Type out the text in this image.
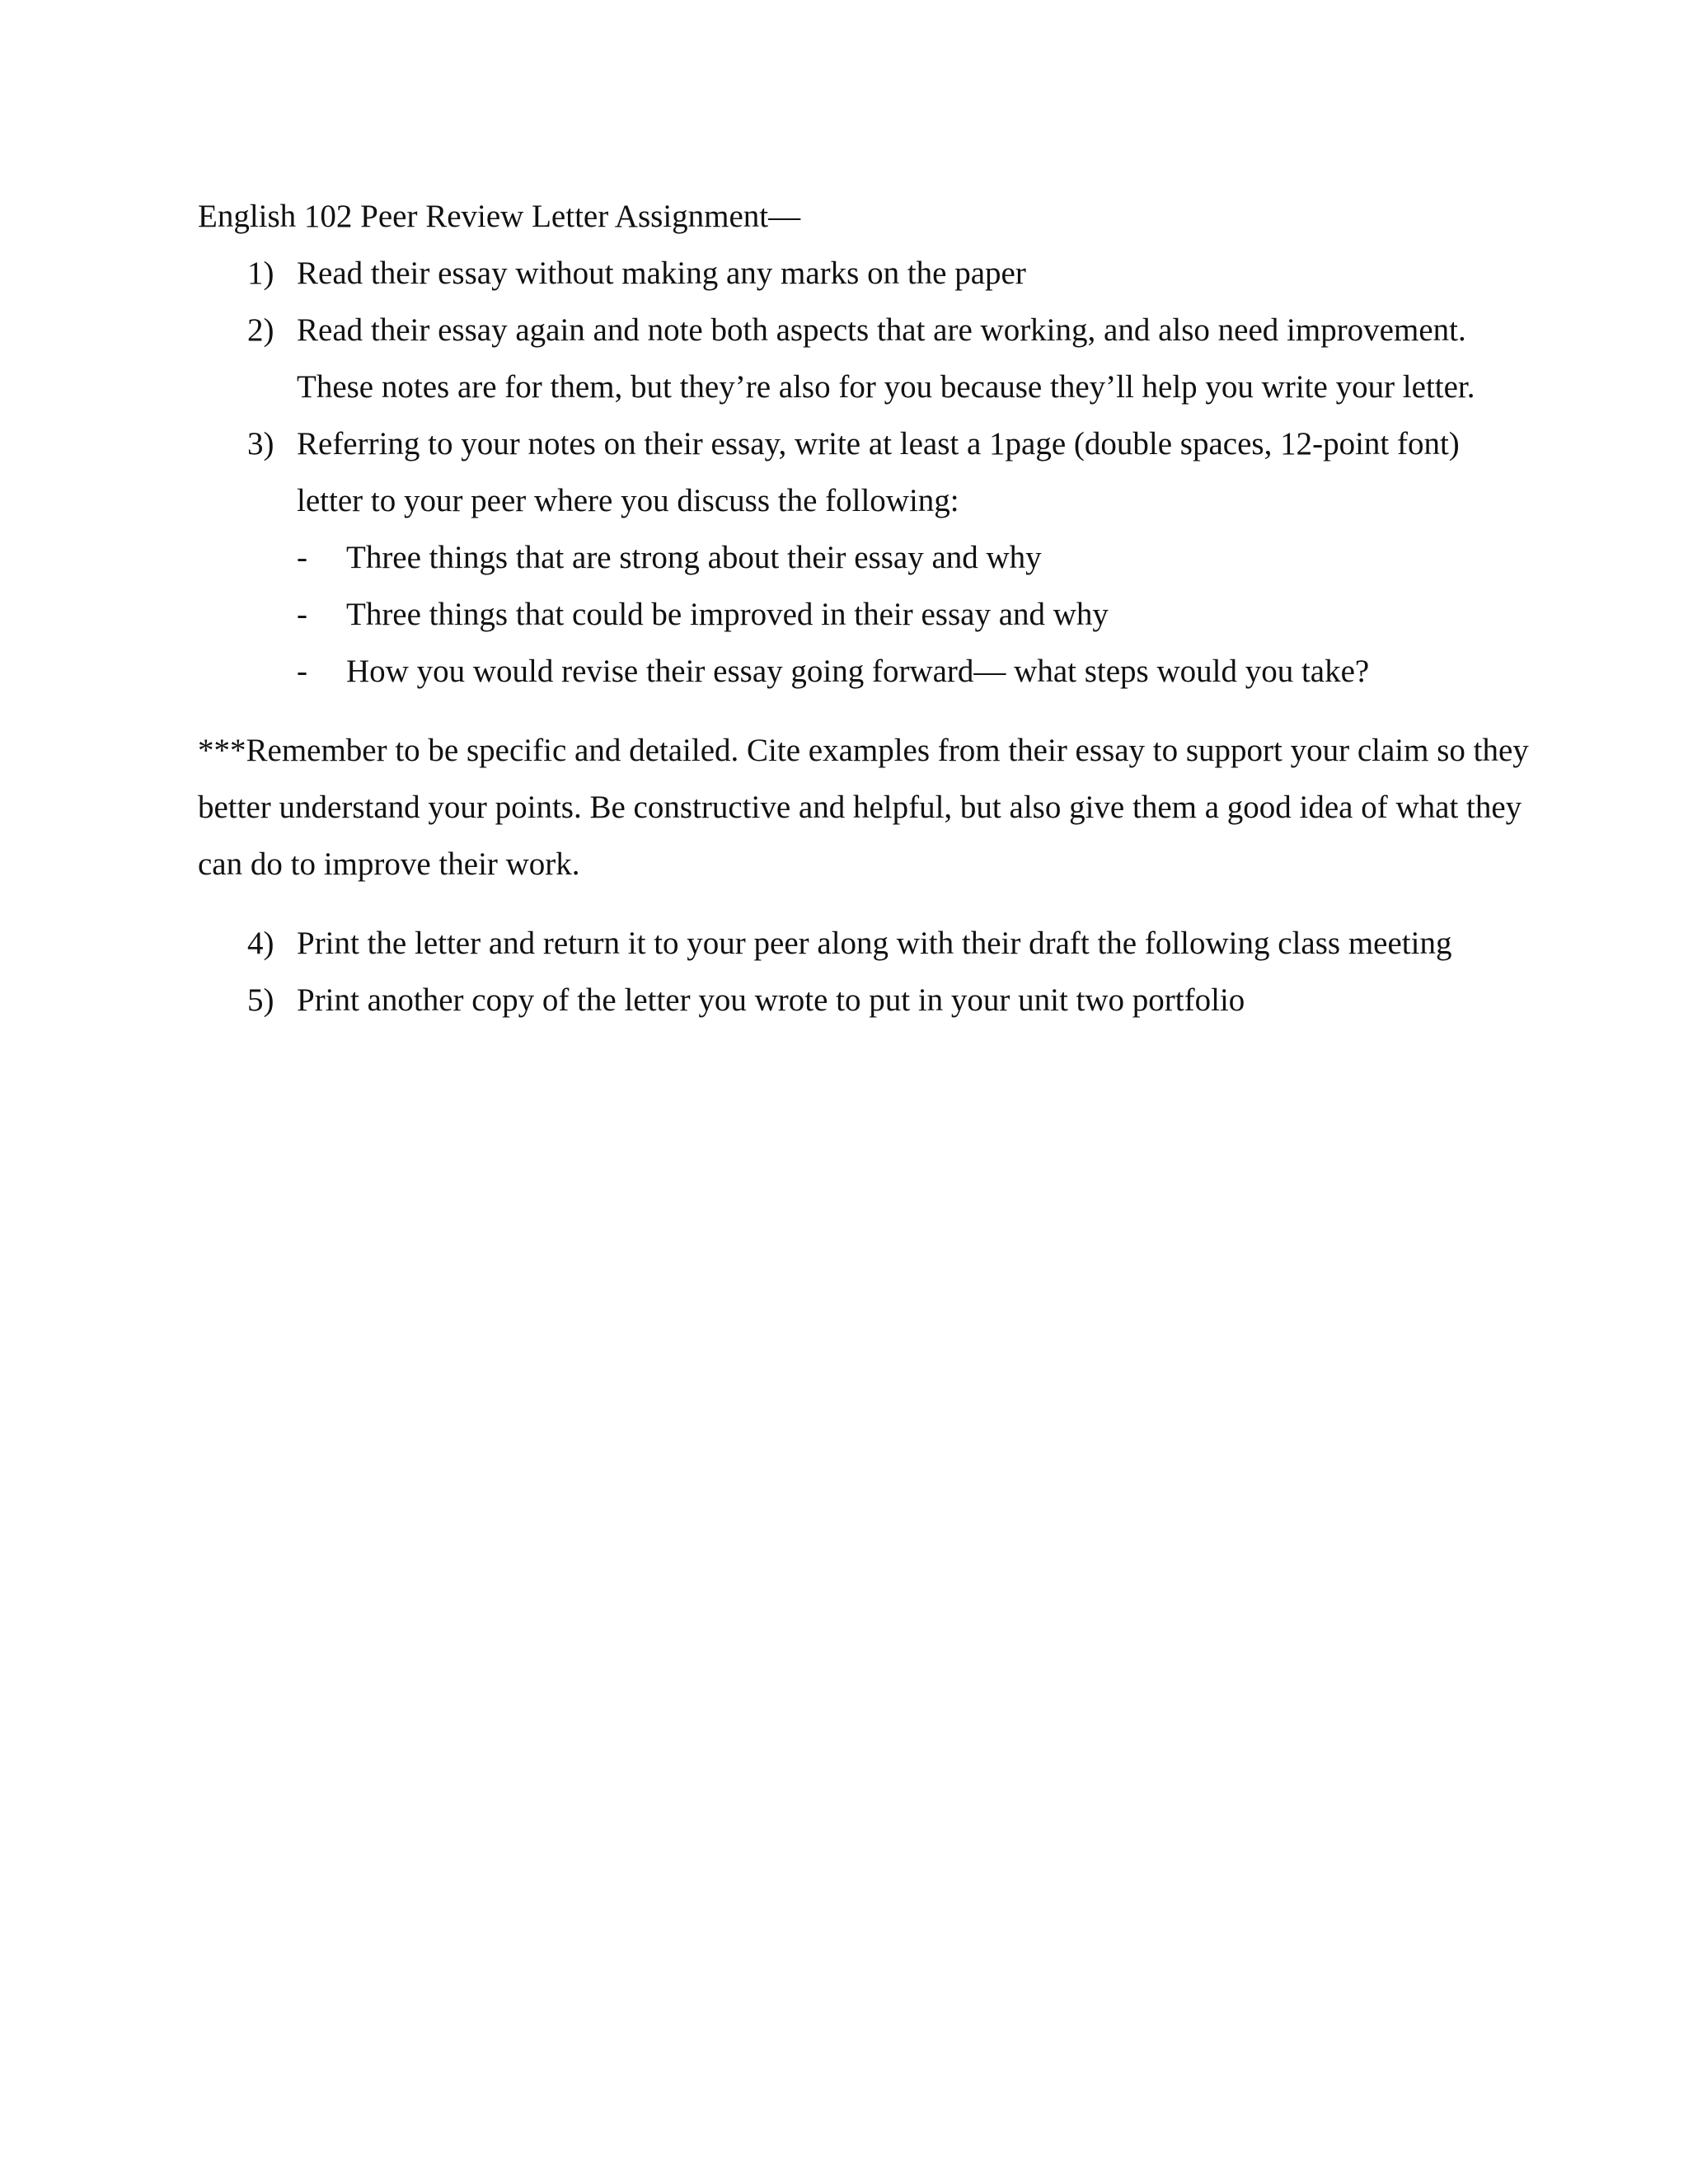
English 102 Peer Review Letter Assignment—

1) Read their essay without making any marks on the paper
2) Read their essay again and note both aspects that are working, and also need improvement. These notes are for them, but they’re also for you because they’ll help you write your letter.
3) Referring to your notes on their essay, write at least a 1page (double spaces, 12-point font) letter to your peer where you discuss the following:
- Three things that are strong about their essay and why
- Three things that could be improved in their essay and why
- How you would revise their essay going forward— what steps would you take?

***Remember to be specific and detailed. Cite examples from their essay to support your claim so they better understand your points. Be constructive and helpful, but also give them a good idea of what they can do to improve their work.

4) Print the letter and return it to your peer along with their draft the following class meeting
5) Print another copy of the letter you wrote to put in your unit two portfolio
